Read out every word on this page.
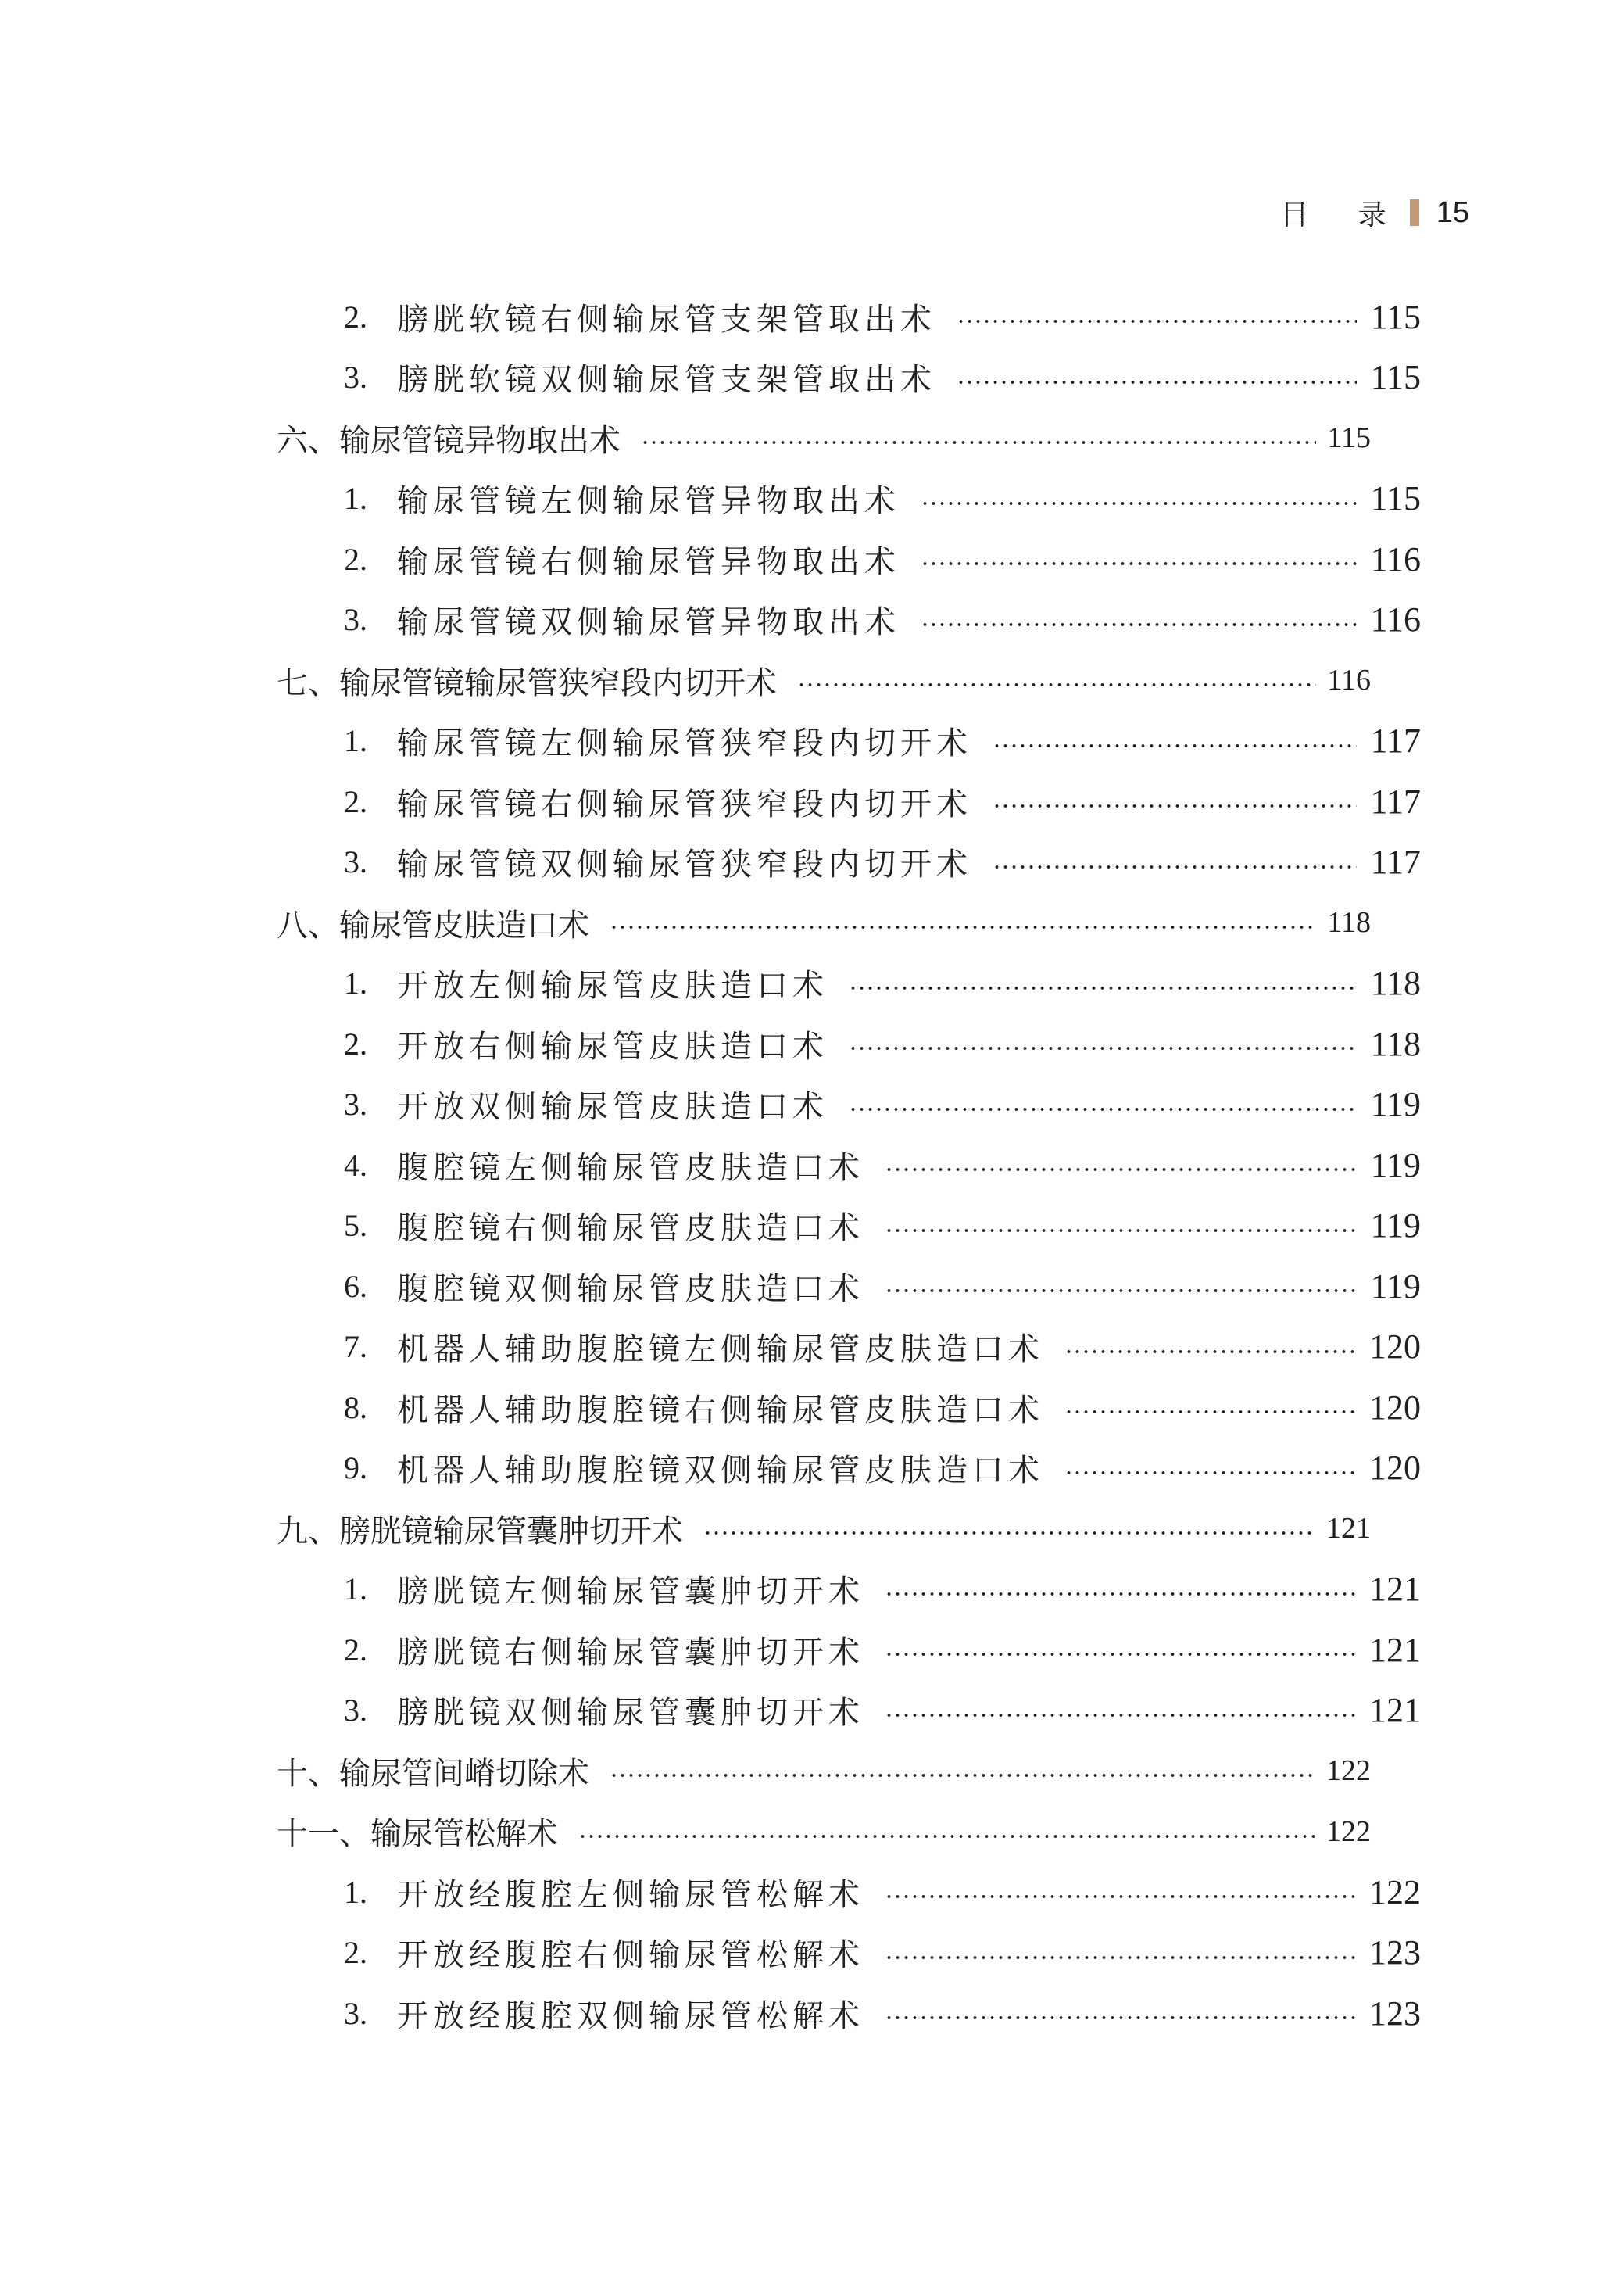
目 录 15
2. 膀胱软镜右侧输尿管支架管取出术	115
3. 膀胱软镜双侧输尿管支架管取出术	115
六、输尿管镜异物取出术	115
1. 输尿管镜左侧输尿管异物取出术	115
2. 输尿管镜右侧输尿管异物取出术	116
3. 输尿管镜双侧输尿管异物取出术	116
七、输尿管镜输尿管狭窄段内切开术	116
1. 输尿管镜左侧输尿管狭窄段内切开术	117
2. 输尿管镜右侧输尿管狭窄段内切开术	117
3. 输尿管镜双侧输尿管狭窄段内切开术	117
八、输尿管皮肤造口术	118
1. 开放左侧输尿管皮肤造口术	118
2. 开放右侧输尿管皮肤造口术	118
3. 开放双侧输尿管皮肤造口术	119
4. 腹腔镜左侧输尿管皮肤造口术	119
5. 腹腔镜右侧输尿管皮肤造口术	119
6. 腹腔镜双侧输尿管皮肤造口术	119
7. 机器人辅助腹腔镜左侧输尿管皮肤造口术	120
8. 机器人辅助腹腔镜右侧输尿管皮肤造口术	120
9. 机器人辅助腹腔镜双侧输尿管皮肤造口术	120
九、膀胱镜输尿管囊肿切开术	121
1. 膀胱镜左侧输尿管囊肿切开术	121
2. 膀胱镜右侧输尿管囊肿切开术	121
3. 膀胱镜双侧输尿管囊肿切开术	121
十、输尿管间嵴切除术	122
十一、输尿管松解术	122
1. 开放经腹腔左侧输尿管松解术	122
2. 开放经腹腔右侧输尿管松解术	123
3. 开放经腹腔双侧输尿管松解术	123
